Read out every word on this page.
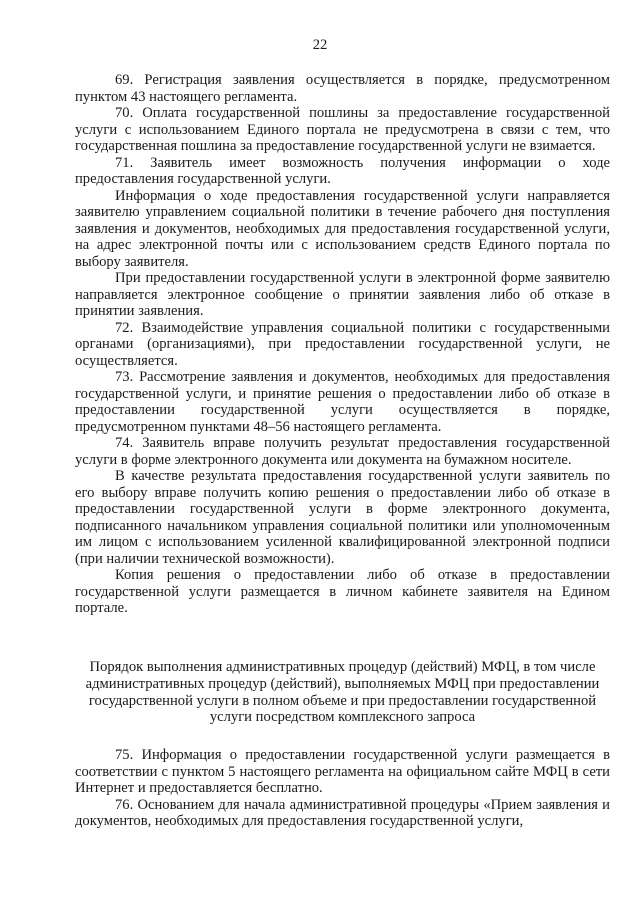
22

69. Регистрация заявления осуществляется в порядке, предусмотренном пунктом 43 настоящего регламента.

70. Оплата государственной пошлины за предоставление государственной услуги с использованием Единого портала не предусмотрена в связи с тем, что государственная пошлина за предоставление государственной услуги не взимается.

71. Заявитель имеет возможность получения информации о ходе предоставления государственной услуги.

Информация о ходе предоставления государственной услуги направляется заявителю управлением социальной политики в течение рабочего дня поступления заявления и документов, необходимых для предоставления государственной услуги, на адрес электронной почты или с использованием средств Единого портала по выбору заявителя.

При предоставлении государственной услуги в электронной форме заявителю направляется электронное сообщение о принятии заявления либо об отказе в принятии заявления.

72. Взаимодействие управления социальной политики с государственными органами (организациями), при предоставлении государственной услуги, не осуществляется.

73. Рассмотрение заявления и документов, необходимых для предоставления государственной услуги, и принятие решения о предоставлении либо об отказе в предоставлении государственной услуги осуществляется в порядке, предусмотренном пунктами 48–56 настоящего регламента.

74. Заявитель вправе получить результат предоставления государственной услуги в форме электронного документа или документа на бумажном носителе.

В качестве результата предоставления государственной услуги заявитель по его выбору вправе получить копию решения о предоставлении либо об отказе в предоставлении государственной услуги в форме электронного документа, подписанного начальником управления социальной политики или уполномоченным им лицом с использованием усиленной квалифицированной электронной подписи (при наличии технической возможности).

Копия решения о предоставлении либо об отказе в предоставлении государственной услуги размещается в личном кабинете заявителя на Едином портале.

Порядок выполнения административных процедур (действий) МФЦ, в том числе административных процедур (действий), выполняемых МФЦ при предоставлении государственной услуги в полном объеме и при предоставлении государственной услуги посредством комплексного запроса

75. Информация о предоставлении государственной услуги размещается в соответствии с пунктом 5 настоящего регламента на официальном сайте МФЦ в сети Интернет и предоставляется бесплатно.

76. Основанием для начала административной процедуры «Прием заявления и документов, необходимых для предоставления государственной услуги,
